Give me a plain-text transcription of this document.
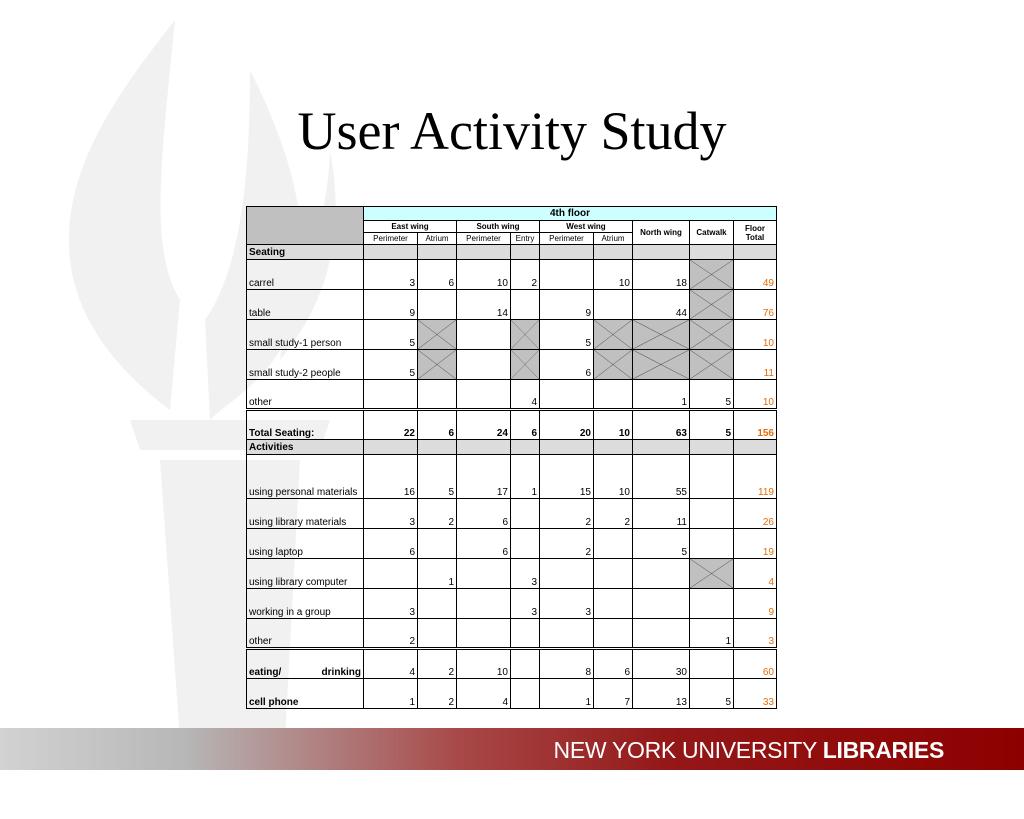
User Activity Study
	4th floor								
	East wing		South wing		West wing		North wing	Catwalk	Floor Total
	Perimeter	Atrium	Perimeter	Entry	Perimeter	Atrium			
Seating									
carrel	3	6	10	2		10	18		49
table	9		14		9		44		76
small study-1 person	5				5				10
small study-2 people	5				6				11
other				4			1	5	10
Total Seating:	22	6	24	6	20	10	63	5	156
Activities									
using personal materials	16	5	17	1	15	10	55		119
using library materials	3	2	6		2	2	11		26
using laptop	6		6		2		5		19
using library computer		1		3					4
working in a group	3			3	3				9
other	2							1	3
eating/ drinking	4	2	10		8	6	30		60
cell phone	1	2	4		1	7	13	5	33
NEW YORK UNIVERSITY LIBRARIES
